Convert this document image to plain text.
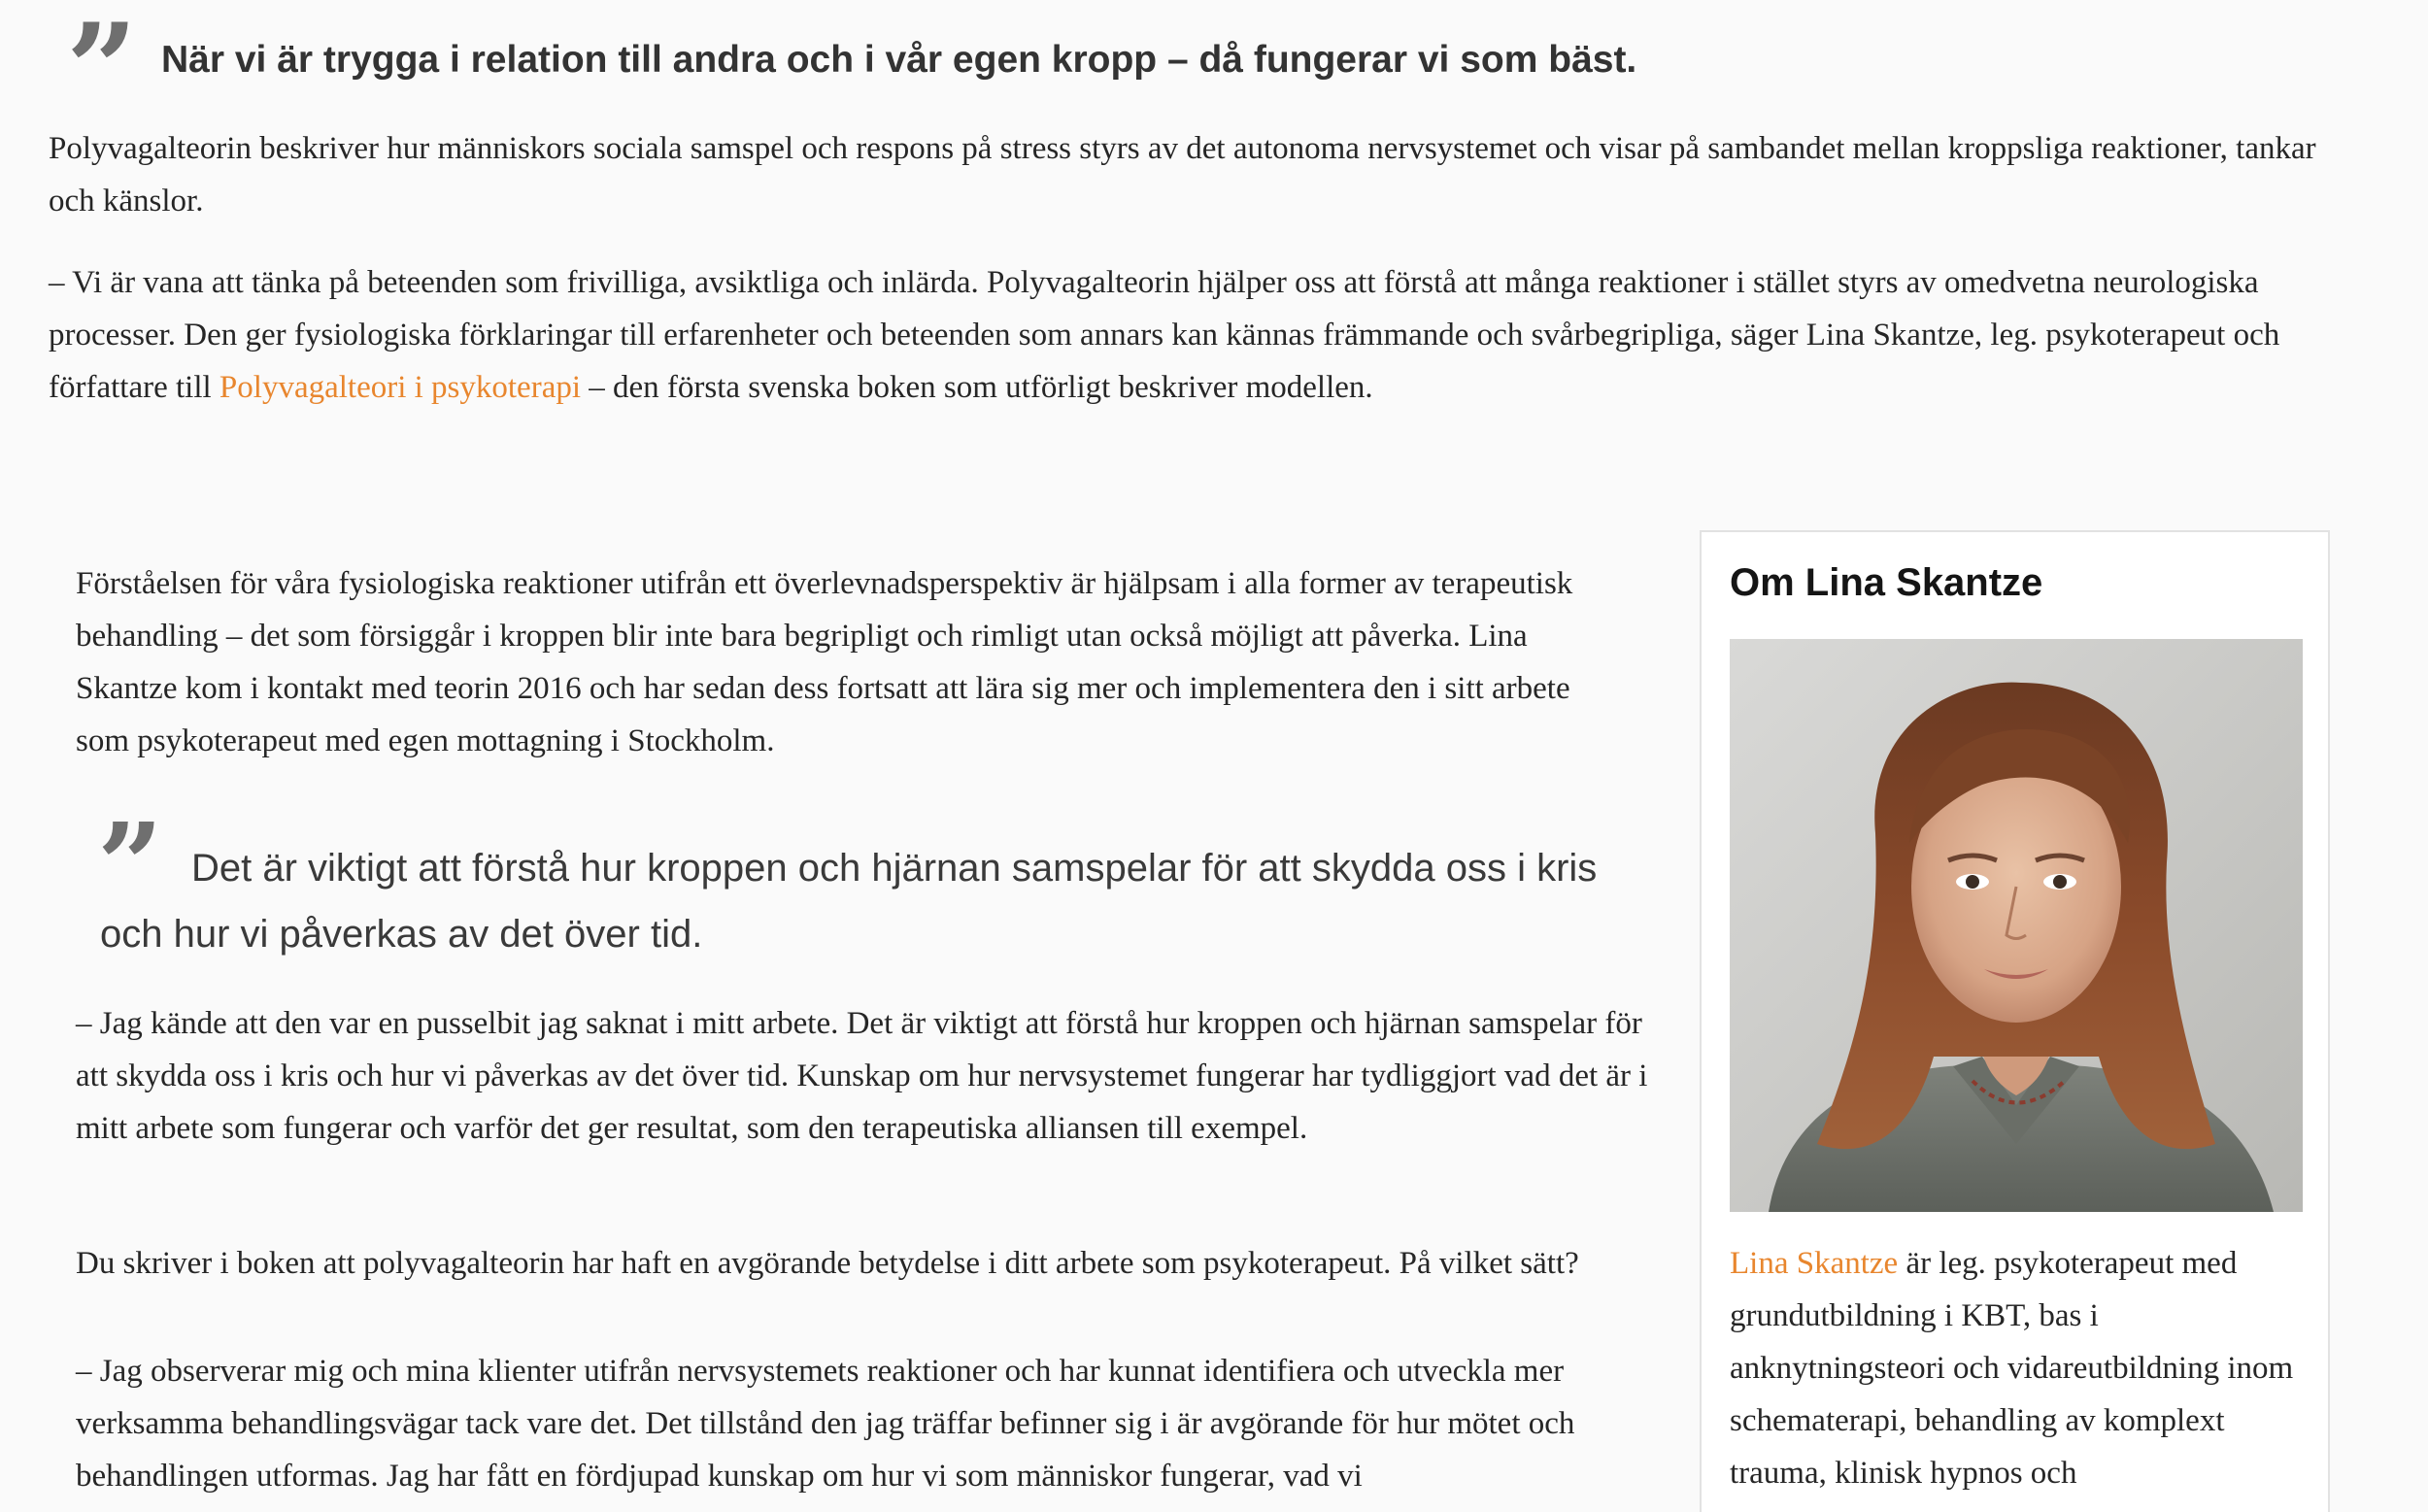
” När vi är trygga i relation till andra och i vår egen kropp – då fungerar vi som bäst.

Polyvagalteorin beskriver hur människors sociala samspel och respons på stress styrs av det autonoma nervsystemet och visar på sambandet mellan kroppsliga reaktioner, tankar och känslor.

– Vi är vana att tänka på beteenden som frivilliga, avsiktliga och inlärda. Polyvagalteorin hjälper oss att förstå att många reaktioner i stället styrs av omedvetna neurologiska processer. Den ger fysiologiska förklaringar till erfarenheter och beteenden som annars kan kännas främmande och svårbegripliga, säger Lina Skantze, leg. psykoterapeut och författare till Polyvagalteori i psykoterapi – den första svenska boken som utförligt beskriver modellen.

Förståelsen för våra fysiologiska reaktioner utifrån ett överlevnadsperspektiv är hjälpsam i alla former av terapeutisk behandling – det som försiggår i kroppen blir inte bara begripligt och rimligt utan också möjligt att påverka. Lina Skantze kom i kontakt med teorin 2016 och har sedan dess fortsatt att lära sig mer och implementera den i sitt arbete som psykoterapeut med egen mottagning i Stockholm.

” Det är viktigt att förstå hur kroppen och hjärnan samspelar för att skydda oss i kris och hur vi påverkas av det över tid.

– Jag kände att den var en pusselbit jag saknat i mitt arbete. Det är viktigt att förstå hur kroppen och hjärnan samspelar för att skydda oss i kris och hur vi påverkas av det över tid. Kunskap om hur nervsystemet fungerar har tydliggjort vad det är i mitt arbete som fungerar och varför det ger resultat, som den terapeutiska alliansen till exempel.

Du skriver i boken att polyvagalteorin har haft en avgörande betydelse i ditt arbete som psykoterapeut. På vilket sätt?

– Jag observerar mig och mina klienter utifrån nervsystemets reaktioner och har kunnat identifiera och utveckla mer verksamma behandlingsvägar tack vare det. Det tillstånd den jag träffar befinner sig i är avgörande för hur mötet och behandlingen utformas. Jag har fått en fördjupad kunskap om hur vi som människor fungerar, vad vi

Om Lina Skantze

Lina Skantze är leg. psykoterapeut med grundutbildning i KBT, bas i anknytningsteori och vidareutbildning inom schematerapi, behandling av komplext trauma, klinisk hypnos och
